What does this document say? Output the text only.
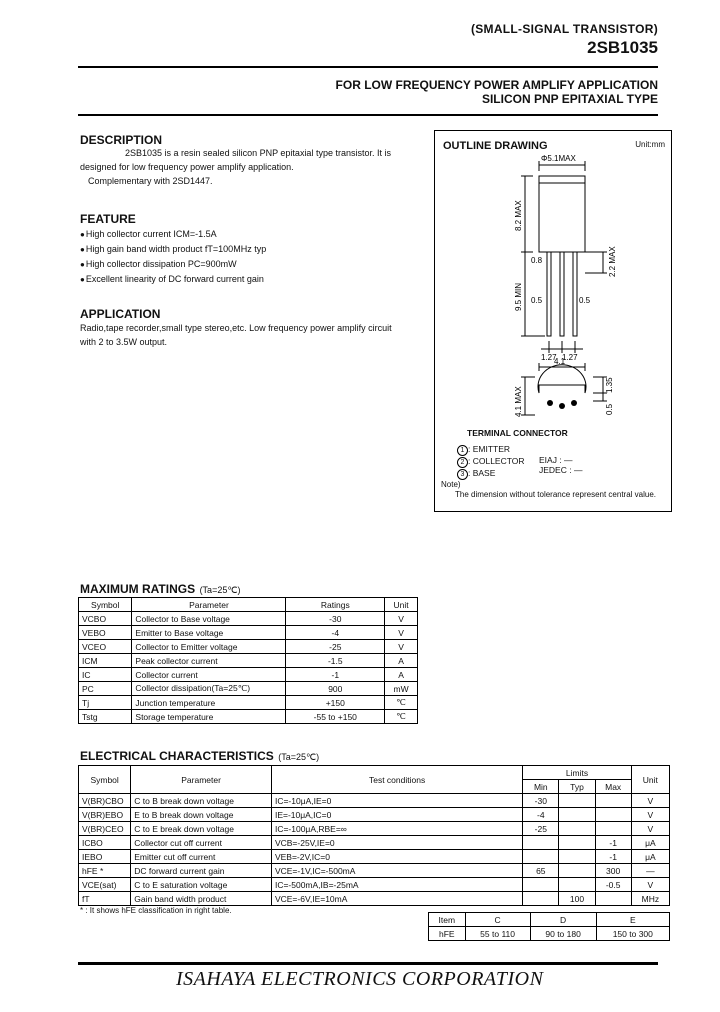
(SMALL-SIGNAL TRANSISTOR)
2SB1035
FOR LOW FREQUENCY POWER AMPLIFY APPLICATION
SILICON PNP EPITAXIAL TYPE
DESCRIPTION
2SB1035 is a resin sealed silicon PNP epitaxial type transistor. It is
designed for low frequency power amplify application.
Complementary with 2SD1447.
FEATURE
● High collector current ICM=-1.5A
● High gain band width product fT=100MHz typ
● High collector dissipation PC=900mW
● Excellent linearity of DC forward current gain
APPLICATION
Radio,tape recorder,small type stereo,etc. Low frequency power amplify circuit
with 2 to 3.5W output.
OUTLINE DRAWING	Unit:mm
Φ5.1MAX
8.2 MAX
9.5 MIN
0.8	2.2 MAX
0.5	0.5
1.27 1.27
4.1
4.1 MAX
1.35
0.5
1 2 3
TERMINAL CONNECTOR
1 : EMITTER
2 : COLLECTOR
3 : BASE
EIAJ : —
JEDEC : —
Note)
The dimension without tolerance represent central value.
MAXIMUM RATINGS (Ta=25℃)
Symbol	Parameter	Ratings	Unit
VCBO	Collector to Base voltage	-30	V
VEBO	Emitter to Base voltage	-4	V
VCEO	Collector to Emitter voltage	-25	V
ICM	Peak collector current	-1.5	A
IC	Collector current	-1	A
PC	Collector dissipation(Ta=25℃)	900	mW
Tj	Junction temperature	+150	℃
Tstg	Storage temperature	-55 to +150	℃
ELECTRICAL CHARACTERISTICS (Ta=25℃)
Symbol	Parameter	Test conditions	Limits			Unit
			Min	Typ	Max	
V(BR)CBO	C to B break down voltage	IC=-10μA,IE=0	-30			V
V(BR)EBO	E to B break down voltage	IE=-10μA,IC=0	-4			V
V(BR)CEO	C to E break down voltage	IC=-100μA,RBE=∞	-25			V
ICBO	Collector cut off current	VCB=-25V,IE=0			-1	μA
IEBO	Emitter cut off current	VEB=-2V,IC=0			-1	μA
hFE *	DC forward current gain	VCE=-1V,IC=-500mA	65		300	—
VCE(sat)	C to E saturation voltage	IC=-500mA,IB=-25mA			-0.5	V
fT	Gain band width product	VCE=-6V,IE=10mA		100		MHz
* : It shows hFE classification in right table.
Item	C	D	E
hFE	55 to 110	90 to 180	150 to 300
ISAHAYA ELECTRONICS CORPORATION
